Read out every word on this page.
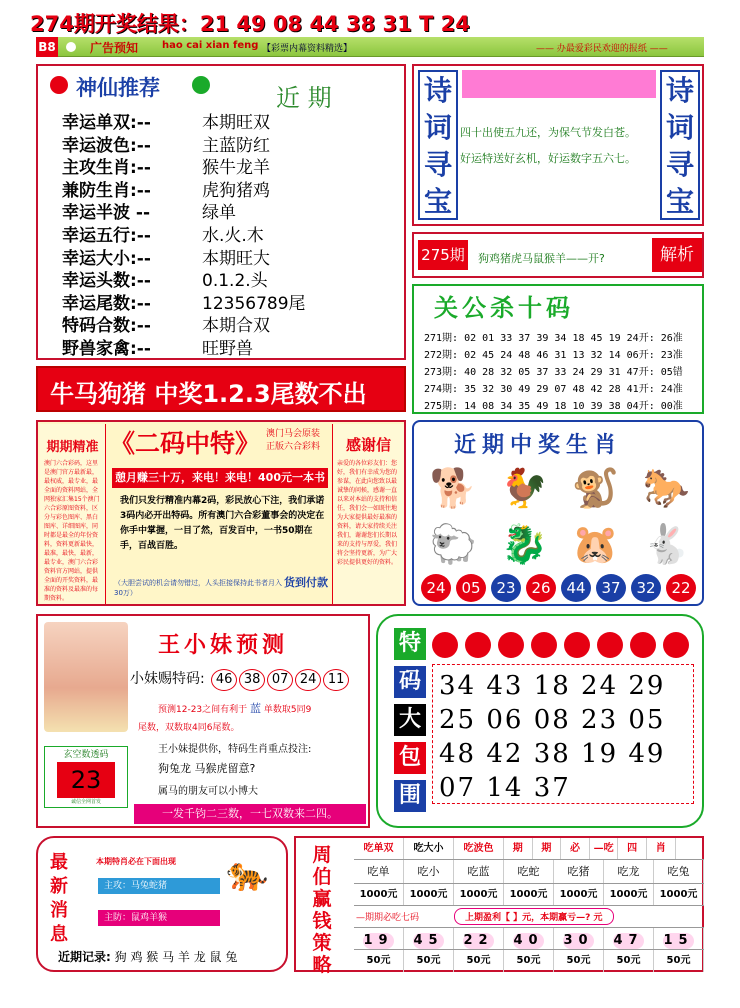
274期开奖结果：21 49 08 44 38 31 T 24
B8	广告预知 hao cai xian feng 【彩票内幕资料精选】	—— 办最爱彩民欢迎的报纸 ——
神仙推荐	近 期
幸运单双:--	本期旺双
幸运波色:--	主蓝防红
主攻生肖:--	猴牛龙羊
兼防生肖:--	虎狗猪鸡
幸运半波 --	绿单
幸运五行:--	水.火.木
幸运大小:--	本期旺大
幸运头数:--	0.1.2.头
幸运尾数:--	12356789尾
特码合数:--	本期合双
野兽家禽:--	旺野兽
牛马狗猪 中奖1.2.3尾数不出
诗
词
寻
宝
四十出使五九还，为保气节发白苍。
好运特送好玄机，好运数字五六七。
诗
词
寻
宝
275期 狗鸡猪虎马鼠猴羊——开?	解析
关公杀十码
271期: 02 01 33 37 39 34 18 45 19 24开: 26准
272期: 02 45 24 48 46 31 13 32 14 06开: 23准
273期: 40 28 32 05 37 33 24 29 31 47开: 05错
274期: 35 32 30 49 29 07 48 42 28 41开: 24准
275期: 14 08 34 35 49 18 10 39 38 04开: 00准
期期精准
澳门六合彩码，这里是澳门官方最新最，最权威，最专业，最全面的资料网站，全网独家汇集15个澳门六合彩原图资料，区分与彩色图库、黑白图库、详细图库，同时都是最全的年份资料，资料更新最快，最准，最快，最新，最专业，澳门六合彩资料官方网站，提供全面的开奖资料，最准的资料及最准的每期资料。
《二码中特》 澳门马会原装正版六合彩料
憩月赚三十万，来电！来电！400元一本书
我们只发行精准内幕2码，彩民放心下注，我们承诺3码内必开出特码。所有澳门六合彩董事会的决定在你手中掌握，一目了然，百发百中，一书50期在手，百战百胜。
（大胆尝试的机会请勿错过，人头拒接保持此书者月入30万）
货到付款
感谢信
亲爱的各位彩友们：您好，我们有幸成为您的参谋，在此向您致以最诚挚的问候，感谢一直以来对本站的支持和信任，我们会一如既往地为大家提供最好最准的资料，请大家持续关注我们，谢谢您们长期以来的支持与厚爱，我们将会坚持更新，为广大彩民提供更好的资料。
近期中奖生肖
🐕 🐓 🐒 🐎🐑 🐉 🐹 🐇
24 05 23 26 44 37 32 22
王小妹预测
小妹赐特码: 46 38 07 24 11
预测12-23之间有利于 蓝 单数取5同9
尾数，双数取4同6尾数。
王小妹提供你，特码生肖重点投注:
狗兔龙 马猴虎留意?
属马的朋友可以小博大
玄空数透码
23
诚信全网首发
一发千钧二三数，一七双数来二四。
特
码
大
包
围
34 43 18 24 29
25 06 08 23 05
48 42 38 19 49
07 14 37
最
新
消
息
本期特肖必在下面出现
主攻：马兔蛇猪
主防：鼠鸡羊猴
🐅
近期记录: 狗 鸡 猴 马 羊 龙 鼠 兔
周
伯
赢
钱
策
略
吃单双	吃大小	吃波色	期	期	必	—吃	四	肖
吃单	吃小	吃蓝	吃蛇	吃猪	吃龙	吃兔
1000元	1000元	1000元	1000元	1000元	1000元	1000元
—期期必吃七码	上期盈利【 】元，本期赢亏—? 元
19	45	22	40	30	47	15
50元	50元	50元	50元	50元	50元	50元
